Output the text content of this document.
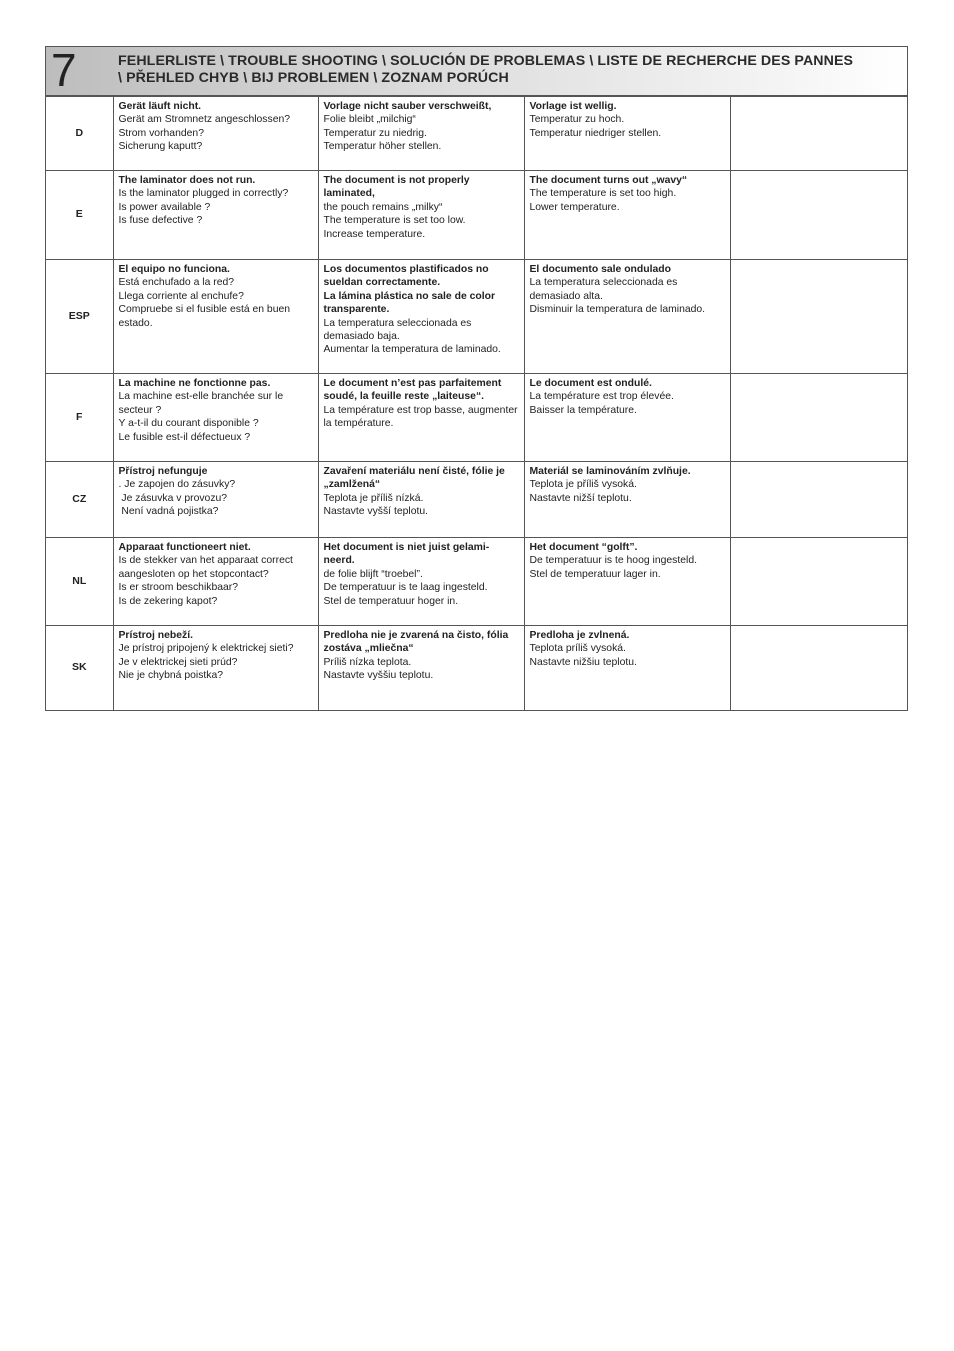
7	FEHLERLISTE \ TROUBLE SHOOTING \ SOLUCIÓN DE PROBLEMAS \ LISTE DE RECHERCHE DES PANNES \ PŘEHLED CHYB \ BIJ PROBLEMEN \ ZOZNAM PORÚCH
D	Gerät läuft nicht.
Gerät am Stromnetz angeschlossen?
Strom vorhanden?
Sicherung kaputt?	Vorlage nicht sauber verschweißt,
Folie bleibt „milchig“
Temperatur zu niedrig.
Temperatur höher stellen.	Vorlage ist wellig.
Temperatur zu hoch.
Temperatur niedriger stellen.	

E	The laminator does not run.
Is the laminator plugged in correctly?
Is power available ?
Is fuse defective ?	The document is not properly laminated,
the pouch remains „milky“
The temperature is set too low.
Increase temperature.	The document turns out „wavy“
The temperature is set too high.
Lower temperature.	

ESP	El equipo no funciona.
Está enchufado a la red?
Llega corriente al enchufe?
Compruebe si el fusible está en buen estado.	Los documentos plastificados no sueldan correctamente.
La lámina plástica no sale de color transparente.
La temperatura seleccionada es demasiado baja.
Aumentar la temperatura de laminado.	El documento sale ondulado
La temperatura seleccionada es demasiado alta.
Disminuir la temperatura de laminado.	

F	La machine ne fonctionne pas.
La machine est-elle branchée sur le secteur ?
Y a-t-il du courant disponible ?
Le fusible est-il défectueux ?	Le document n’est pas parfaitement soudé, la feuille reste „laiteuse“.
La température est trop basse, augmenter la température.	Le document est ondulé.
La température est trop élevée.
Baisser la température.	

CZ	Přístroj nefunguje
. Je zapojen do zásuvky?
Je zásuvka v provozu?
Není vadná pojistka?	Zavaření materiálu není čisté, fólie je „zamlžená“
Teplota je příliš nízká.
Nastavte vyšší teplotu.	Materiál se laminováním zvlňuje.
Teplota je příliš vysoká.
Nastavte nižší teplotu.	

NL	Apparaat functioneert niet.
Is de stekker van het apparaat correct aangesloten op het stopcontact?
Is er stroom beschikbaar?
Is de zekering kapot?	Het document is niet juist gelami-neerd.
de folie blijft “troebel”.
De temperatuur is te laag ingesteld.
Stel de temperatuur hoger in.	Het document “golft”.
De temperatuur is te hoog ingesteld.
Stel de temperatuur lager in.	

SK	Prístroj nebeží.
Je prístroj pripojený k elektrickej sieti?
Je v elektrickej sieti prúd?
Nie je chybná poistka?	Predloha nie je zvarená na čisto, fólia zostáva „mliečna“
Príliš nízka teplota.
Nastavte vyššiu teplotu.	Predloha je zvlnená.
Teplota príliš vysoká.
Nastavte nižšiu teplotu.	
